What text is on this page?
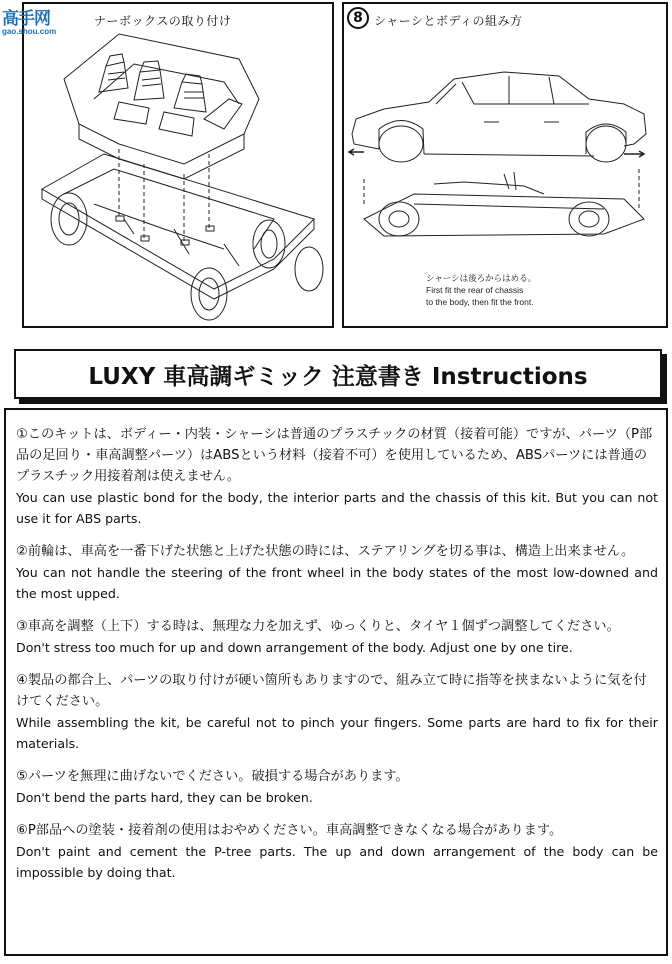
高手网
gao.shou.com
ナーボックスの取り付け	8 シャーシとボディの組み方
シャーシは後ろからはめる。
First fit the rear of chassis
to the body, then fit the front.
LUXY 車高調ギミック 注意書き Instructions

①このキットは、ボディー・内装・シャーシは普通のプラスチックの材質（接着可能）ですが、パーツ（P部品の足回り・車高調整パーツ）はABSという材料（接着不可）を使用しているため、ABSパーツには普通のプラスチック用接着剤は使えません。

You can use plastic bond for the body, the interior parts and the chassis of this kit. But you can not use it for ABS parts.

②前輪は、車高を一番下げた状態と上げた状態の時には、ステアリングを切る事は、構造上出来ません。

You can not handle the steering of the front wheel in the body states of the most low-downed and the most upped.

③車高を調整（上下）する時は、無理な力を加えず、ゆっくりと、タイヤ１個ずつ調整してください。

Don't stress too much for up and down arrangement of the body. Adjust one by one tire.

④製品の都合上、パーツの取り付けが硬い箇所もありますので、組み立て時に指等を挟まないように気を付けてください。

While assembling the kit, be careful not to pinch your fingers. Some parts are hard to fix for their materials.

⑤パーツを無理に曲げないでください。破損する場合があります。

Don't bend the parts hard, they can be broken.

⑥P部品への塗装・接着剤の使用はおやめください。車高調整できなくなる場合があります。

Don't paint and cement the P-tree parts. The up and down arrangement of the body can be impossible by doing that.
